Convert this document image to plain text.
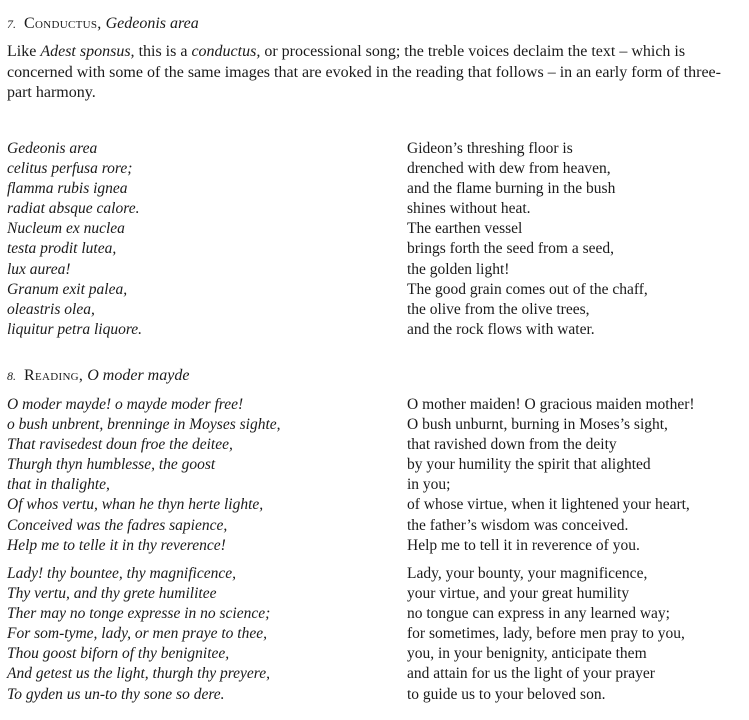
7. Conductus, Gedeonis area

Like Adest sponsus, this is a conductus, or processional song; the treble voices declaim the text – which is concerned with some of the same images that are evoked in the reading that follows – in an early form of three-part harmony.

Gedeonis area
celitus perfusa rore;
flamma rubis ignea
radiat absque calore.
Nucleum ex nuclea
testa prodit lutea,
lux aurea!
Granum exit palea,
oleastris olea,
liquitur petra liquore.
Gideon’s threshing floor is
drenched with dew from heaven,
and the flame burning in the bush
shines without heat.
The earthen vessel
brings forth the seed from a seed,
the golden light!
The good grain comes out of the chaff,
the olive from the olive trees,
and the rock flows with water.
8. Reading, O moder mayde
O moder mayde! o mayde moder free!
o bush unbrent, brenninge in Moyses sighte,
That ravisedest doun froe the deitee,
Thurgh thyn humblesse, the goost
that in thalighte,
Of whos vertu, whan he thyn herte lighte,
Conceived was the fadres sapience,
Help me to telle it in thy reverence!
O mother maiden! O gracious maiden mother!
O bush unburnt, burning in Moses’s sight,
that ravished down from the deity
by your humility the spirit that alighted
in you;
of whose virtue, when it lightened your heart,
the father’s wisdom was conceived.
Help me to tell it in reverence of you.
Lady! thy bountee, thy magnificence,
Thy vertu, and thy grete humilitee
Ther may no tonge expresse in no science;
For som-tyme, lady, or men praye to thee,
Thou goost biforn of thy benignitee,
And getest us the light, thurgh thy preyere,
To gyden us un-to thy sone so dere.
Lady, your bounty, your magnificence,
your virtue, and your great humility
no tongue can express in any learned way;
for sometimes, lady, before men pray to you,
you, in your benignity, anticipate them
and attain for us the light of your prayer
to guide us to your beloved son.
